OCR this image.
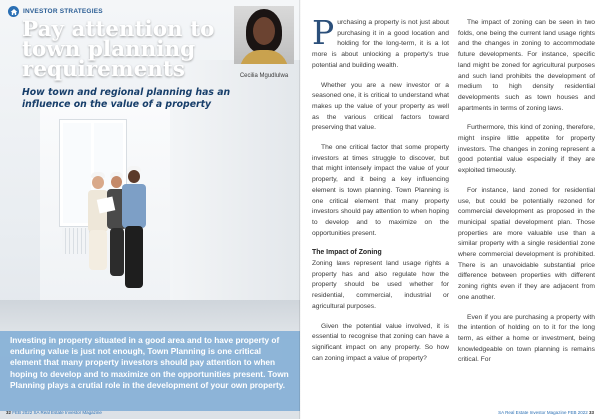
INVESTOR STRATEGIES
Pay attention to town planning requirements

How town and regional planning has an influence on the value of a property

Cecilia Mgudlulwa

Investing in property situated in a good area and to have property of enduring value is just not enough, Town Planning is one critical element that many property investors should pay attention to when hoping to develop and to maximize on the opportunities present. Town Planning plays a crutial role in the development of your own property.

32 FEB 2022 SA Real Estate Investor Magazine

Purchasing a property is not just about purchasing it in a good location and holding for the long-term, it is a lot more is about unlocking a property's true potential and building wealth.

Whether you are a new investor or a seasoned one, it is critical to understand what makes up the value of your property as well as the various critical factors toward preserving that value.

The one critical factor that some property investors at times struggle to discover, but that might intensely impact the value of your property, and it being a key influencing element is town planning. Town Planning is one critical element that many property investors should pay attention to when hoping to develop and to maximize on the opportunities present.

The Impact of Zoning

Zoning laws represent land usage rights a property has and also regulate how the property should be used whether for residential, commercial, industrial or agricultural purposes.

Given the potential value involved, it is essential to recognise that zoning can have a significant impact on any property. So how can zoning impact a value of property?

The impact of zoning can be seen in two folds, one being the current land usage rights and the changes in zoning to accommodate future developments. For instance, specific land might be zoned for agricultural purposes and such land prohibits the development of medium to high density residential developments such as town houses and apartments in terms of zoning laws.

Furthermore, this kind of zoning, therefore, might inspire little appetite for property investors. The changes in zoning represent a good potential value especially if they are exploited timeously.

For instance, land zoned for residential use, but could be potentially rezoned for commercial development as proposed in the municipal spatial development plan. Those properties are more valuable use than a similar property with a single residential zone where commercial development is prohibited. There is an unavoidable substantial price difference between properties with different zoning rights even if they are adjacent from one another.

Even if you are purchasing a property with the intention of holding on to it for the long term, as either a home or investment, being knowledgeable on town planning is remains critical. For

SA Real Estate Investor Magazine FEB 2022 33
